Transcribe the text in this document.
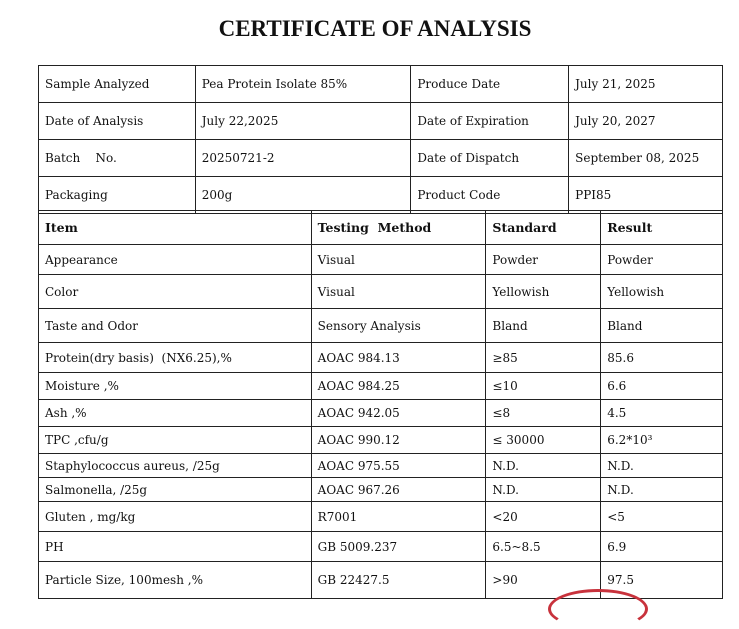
CERTIFICATE OF ANALYSIS
Sample Analyzed	Pea Protein Isolate 85%	Produce Date	July 21, 2025
Date of Analysis	July 22,2025	Date of Expiration	July 20, 2027
Batch    No.	20250721-2	Date of Dispatch	September 08, 2025
Packaging	200g	Product Code	PPI85
Item	Testing  Method	Standard	Result
Appearance	Visual	Powder	Powder
Color	Visual	Yellowish	Yellowish
Taste and Odor	Sensory Analysis	Bland	Bland
Protein(dry basis)  (NX6.25),%	AOAC 984.13	≥85	85.6
Moisture ,%	AOAC 984.25	≤10	6.6
Ash ,%	AOAC 942.05	≤8	4.5
TPC ,cfu/g	AOAC 990.12	≤ 30000	6.2*10³
Staphylococcus aureus, /25g	AOAC 975.55	N.D.	N.D.
Salmonella, /25g	AOAC 967.26	N.D.	N.D.
Gluten , mg/kg	R7001	<20	<5
PH	GB 5009.237	6.5~8.5	6.9
Particle Size, 100mesh ,%	GB 22427.5	>90	97.5
